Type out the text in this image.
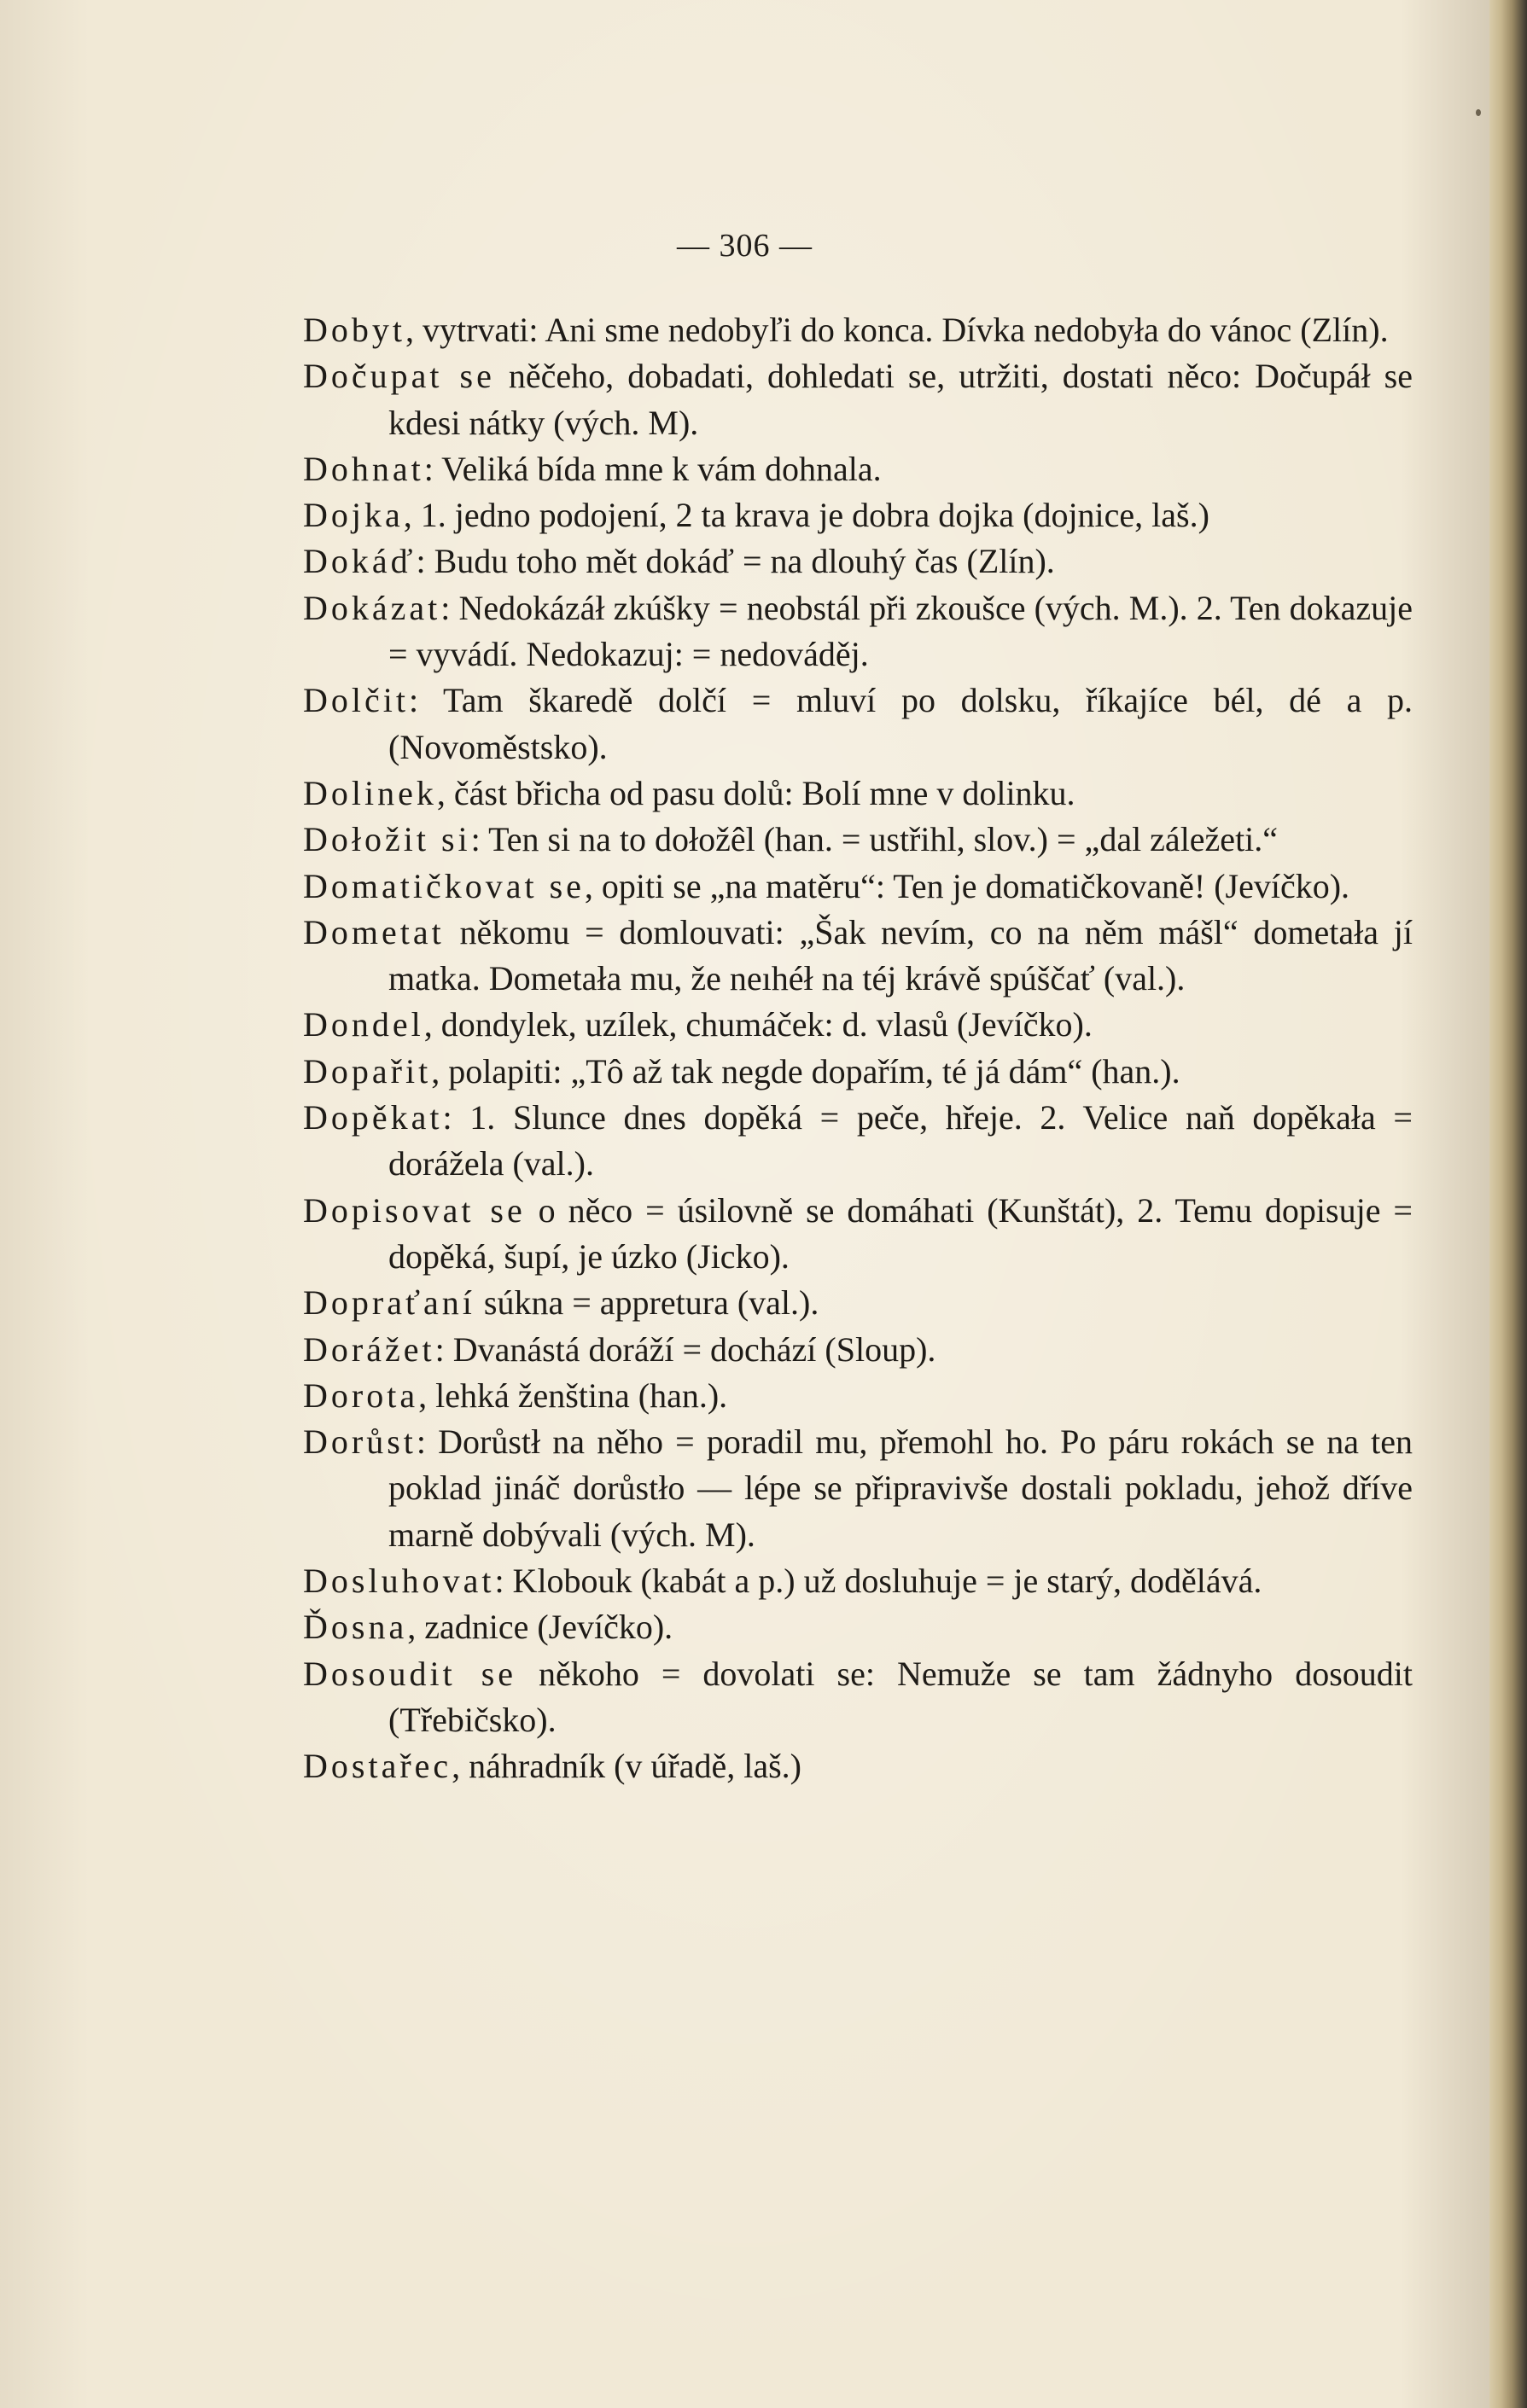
— 306 —

Dobyt, vytrvati: Ani sme nedobyľi do konca. Dívka nedobyła do vánoc (Zlín).

Dočupat se něčeho, dobadati, dohledati se, utržiti, dostati něco: Dočupáł se kdesi nátky (vých. M).

Dohnat: Veliká bída mne k vám dohnala.

Dojka, 1. jedno podojení, 2 ta krava je dobra dojka (dojnice, laš.)

Dokáď: Budu toho mět dokáď = na dlouhý čas (Zlín).

Dokázat: Nedokázáł zkúšky = neobstál při zkoušce (vých. M.). 2. Ten dokazuje = vyvádí. Nedokazuj: = nedováděj.

Dolčit: Tam škaredě dolčí = mluví po dolsku, říkajíce bél, dé a p. (Novoměstsko).

Dolinek, část břicha od pasu dolů: Bolí mne v dolinku.

Dołožit si: Ten si na to dołožêl (han. = ustřihl, slov.) = „dal záležeti.“

Domatičkovat se, opiti se „na matěru“: Ten je domatičkovaně! (Jevíčko).

Dometat někomu = domlouvati: „Šak nevím, co na něm mášl“ dometała jí matka. Dometała mu, že neıhéł na téj krávě spúščať (val.).

Dondel, dondylek, uzílek, chumáček: d. vlasů (Jevíčko).

Dopařit, polapiti: „Tô až tak negde dopařím, té já dám“ (han.).

Dopěkat: 1. Slunce dnes dopěká = peče, hřeje. 2. Velice naň dopěkała = dorážela (val.).

Dopisovat se o něco = úsilovně se domáhati (Kunštát), 2. Temu dopisuje = dopěká, šupí, je úzko (Jicko).

Dopraťaní súkna = appretura (val.).

Dorážet: Dvanástá doráží = dochází (Sloup).

Dorota, lehká ženština (han.).

Dorůst: Dorůstł na něho = poradil mu, přemohl ho. Po páru rokách se na ten poklad jináč dorůstło — lépe se připravivše dostali pokladu, jehož dříve marně dobývali (vých. M).

Dosluhovat: Klobouk (kabát a p.) už dosluhuje = je starý, dodělává.

Ďosna, zadnice (Jevíčko).

Dosoudit se někoho = dovolati se: Nemuže se tam žádnyho dosoudit (Třebičsko).

Dostařec, náhradník (v úřadě, laš.)
